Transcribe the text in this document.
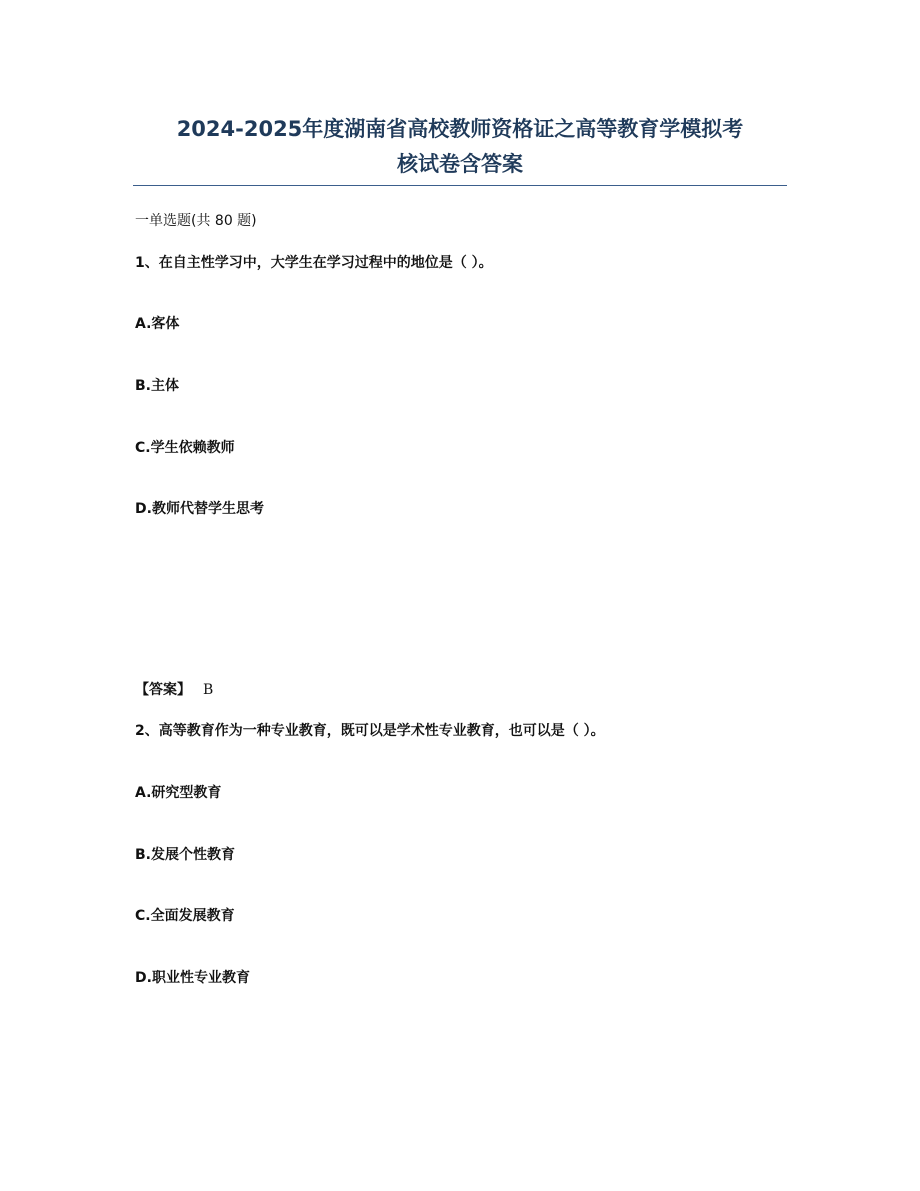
2024-2025年度湖南省高校教师资格证之高等教育学模拟考
核试卷含答案
一单选题(共 80 题)
1、在自主性学习中，大学生在学习过程中的地位是（ ）。
A.客体
B.主体
C.学生依赖教师
D.教师代替学生思考
【答案】 B
2、高等教育作为一种专业教育，既可以是学术性专业教育，也可以是（ ）。
A.研究型教育
B.发展个性教育
C.全面发展教育
D.职业性专业教育
